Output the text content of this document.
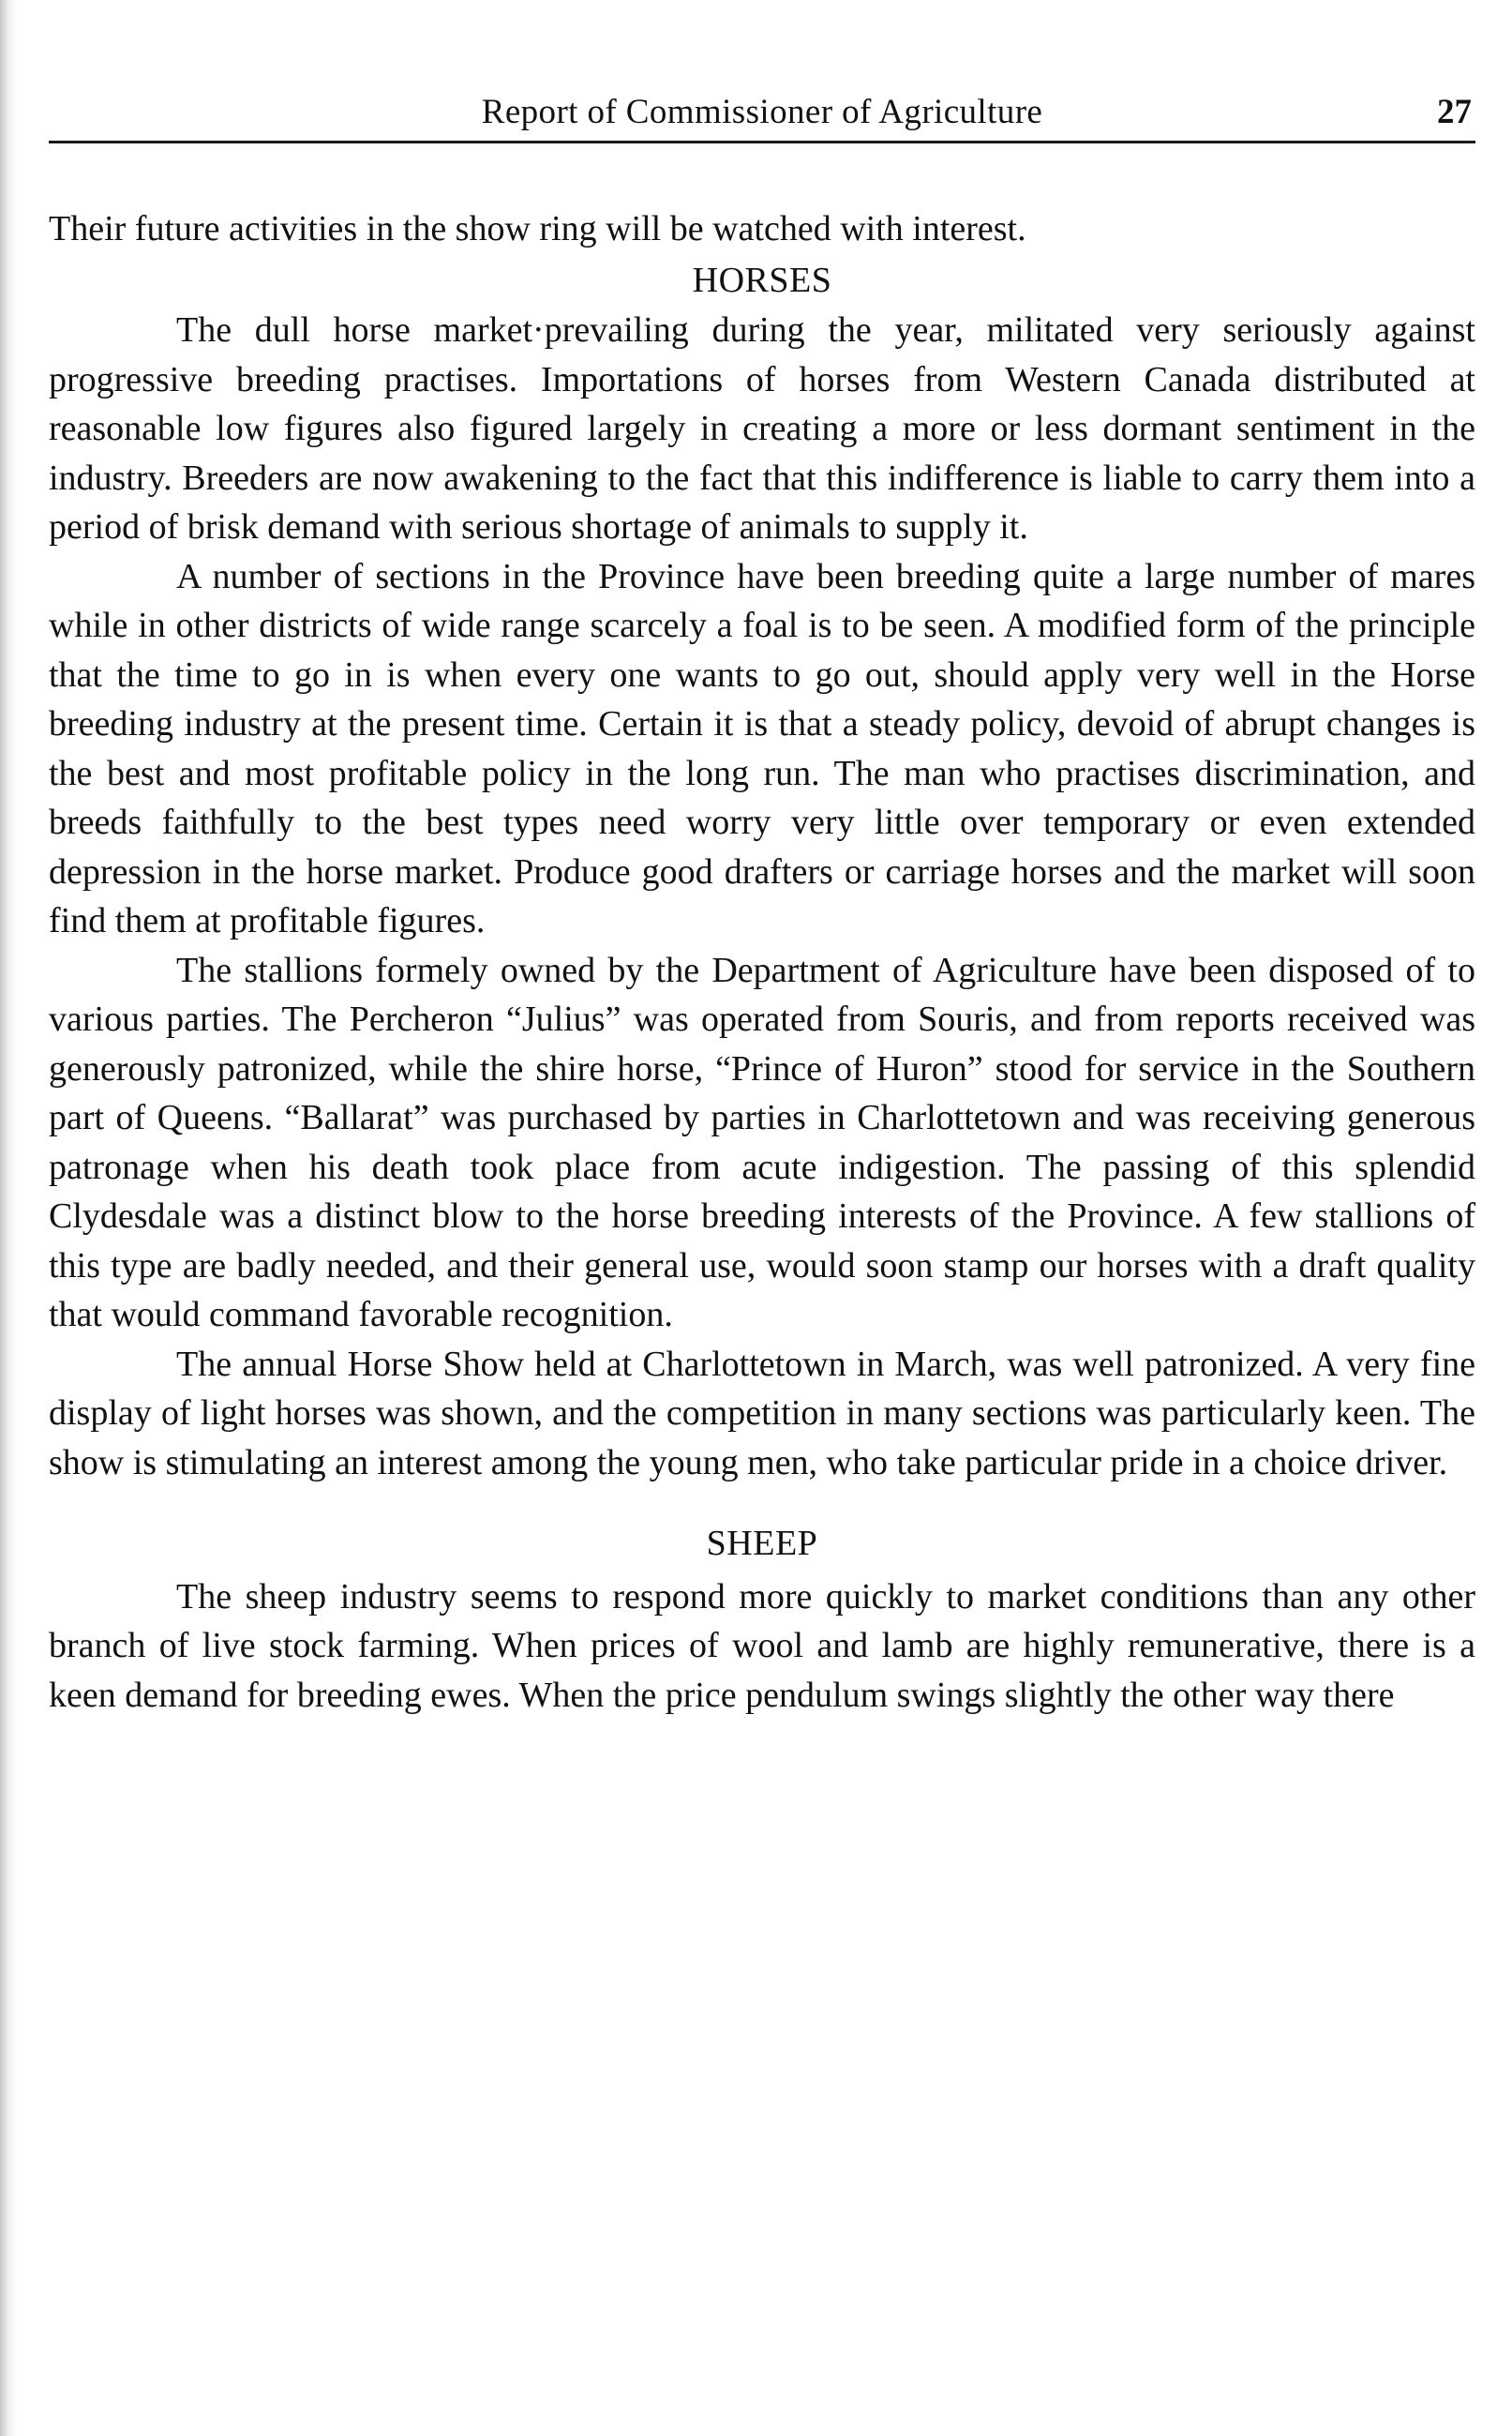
Report of Commissioner of Agriculture	27

Their future activities in the show ring will be watched with interest.

HORSES

The dull horse market·prevailing during the year, militated very seriously against progressive breeding practises. Importations of horses from Western Canada distributed at reasonable low figures also figured largely in creating a more or less dormant sentiment in the industry. Breeders are now awakening to the fact that this indifference is liable to carry them into a period of brisk demand with serious shortage of animals to supply it.

A number of sections in the Province have been breeding quite a large number of mares while in other districts of wide range scarcely a foal is to be seen. A modified form of the principle that the time to go in is when every one wants to go out, should apply very well in the Horse breeding industry at the present time. Certain it is that a steady policy, devoid of abrupt changes is the best and most profitable policy in the long run. The man who practises discrimination, and breeds faithfully to the best types need worry very little over temporary or even extended depression in the horse market. Produce good drafters or carriage horses and the market will soon find them at profitable figures.

The stallions formely owned by the Department of Agriculture have been disposed of to various parties. The Percheron “Julius” was operated from Souris, and from reports received was generously patronized, while the shire horse, “Prince of Huron” stood for service in the Southern part of Queens. “Ballarat” was purchased by parties in Charlottetown and was receiving generous patronage when his death took place from acute indigestion. The passing of this splendid Clydesdale was a distinct blow to the horse breeding interests of the Province. A few stallions of this type are badly needed, and their general use, would soon stamp our horses with a draft quality that would command favorable recognition.

The annual Horse Show held at Charlottetown in March, was well patronized. A very fine display of light horses was shown, and the competition in many sections was particularly keen. The show is stimulating an interest among the young men, who take particular pride in a choice driver.

SHEEP

The sheep industry seems to respond more quickly to market conditions than any other branch of live stock farming. When prices of wool and lamb are highly remunerative, there is a keen demand for breeding ewes. When the price pendulum swings slightly the other way there
